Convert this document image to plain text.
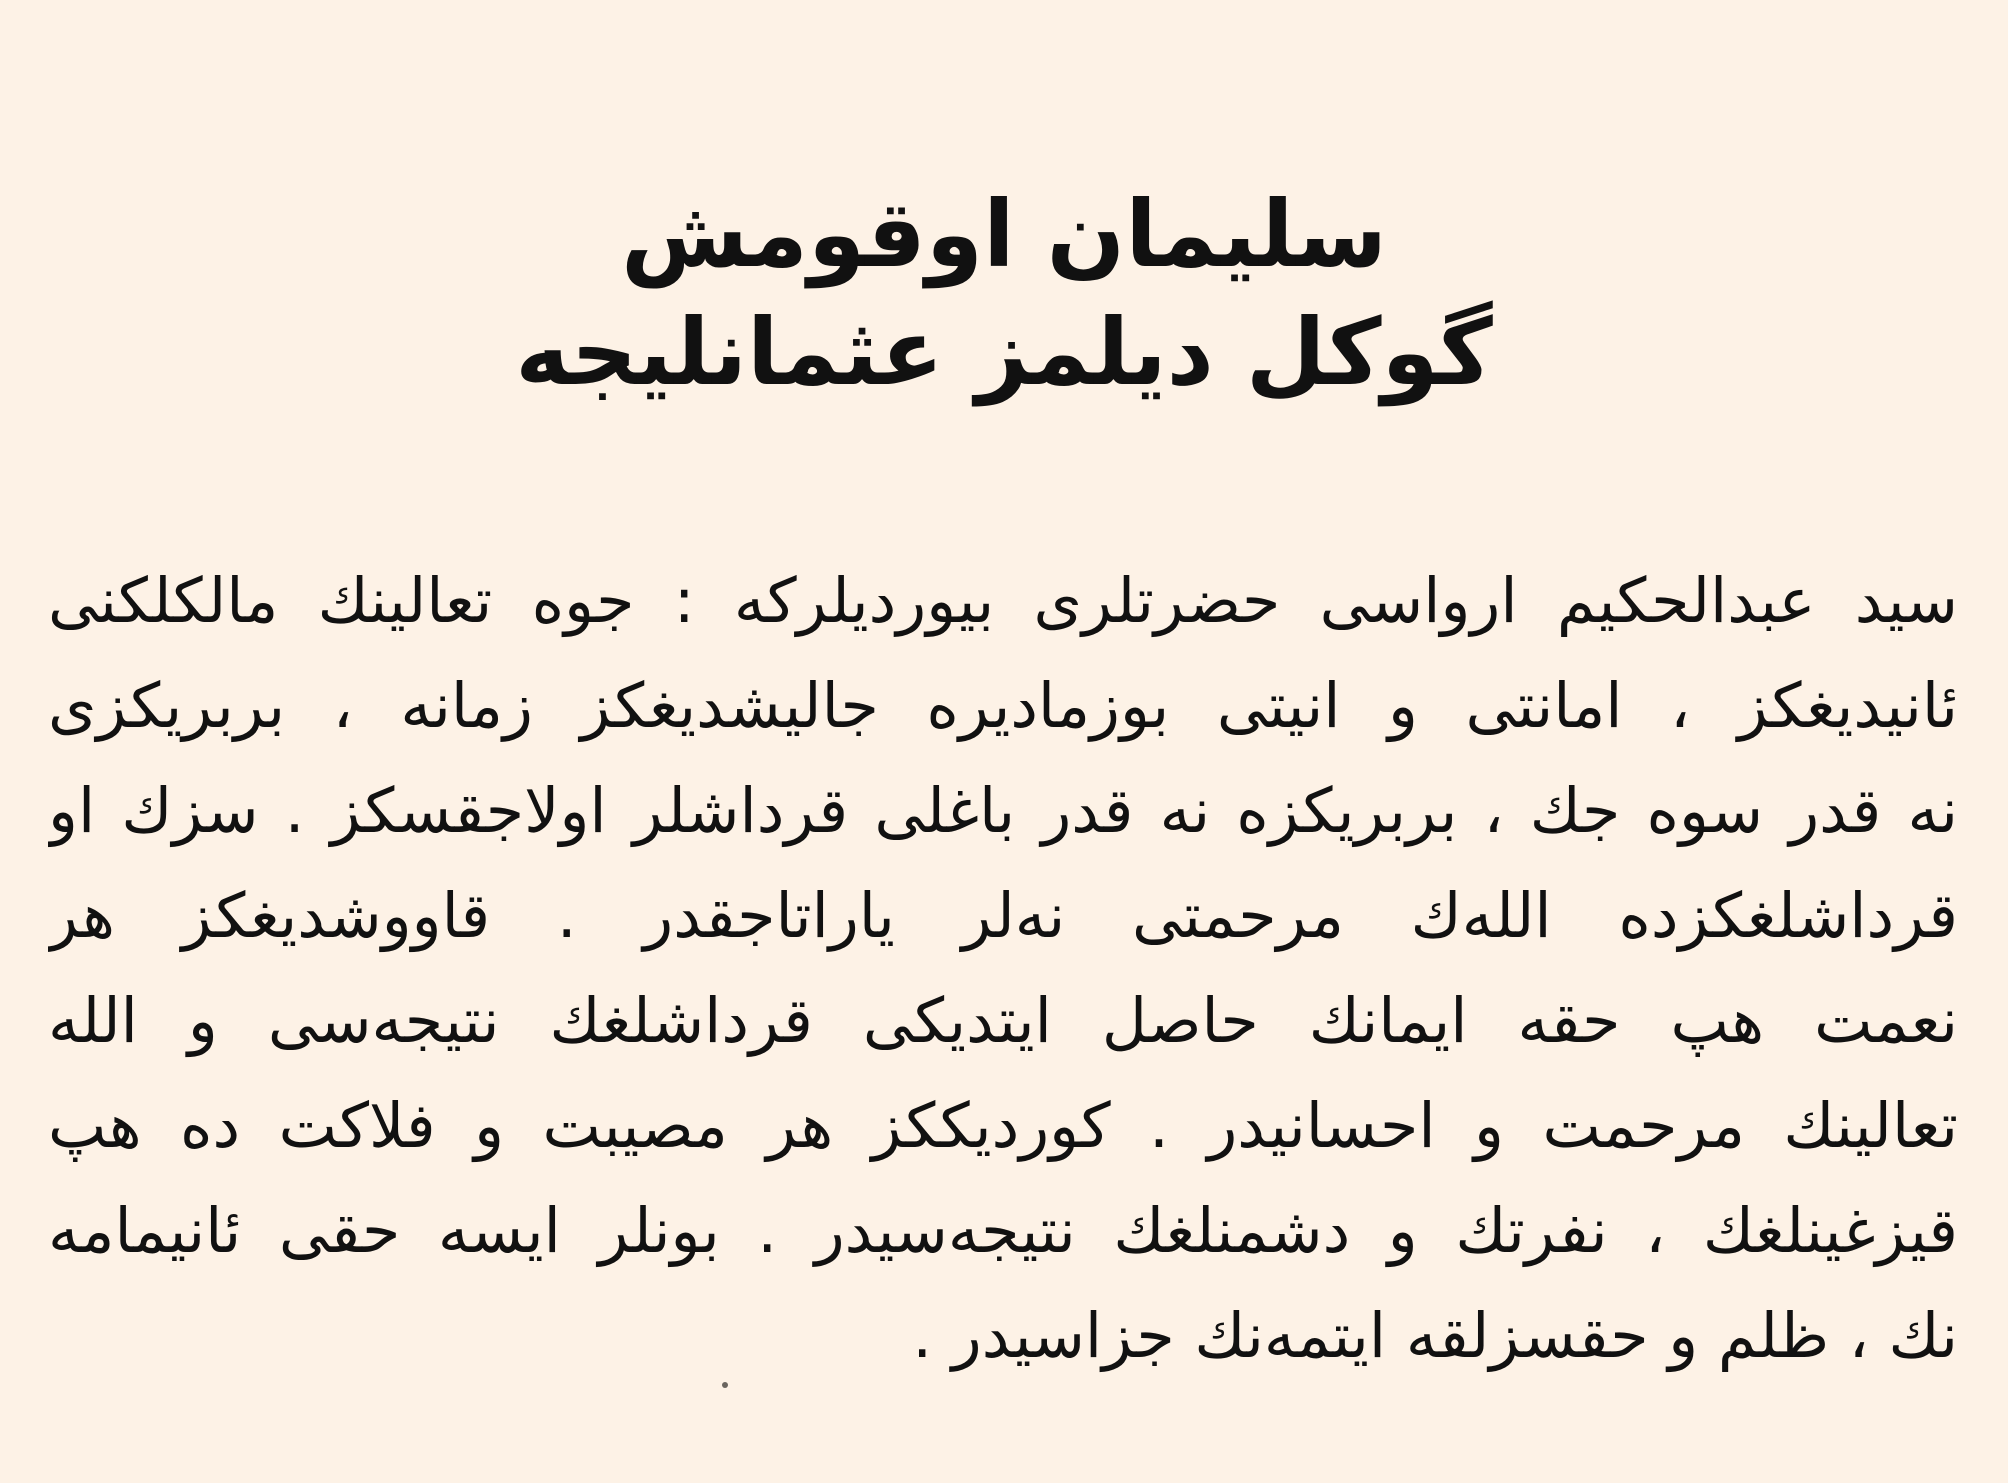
سلیمان اوقومش
گوکل دیلمز عثمانلیجه
سید عبدالحکیم ارواسی حضرتلری بیوردیلرکه : جوه تعالینك مالکلکنی
ئانیدیغکز ، امانتی و انیتی بوزمادیره جالیشدیغکز زمانه ، بربریکزی
نه قدر سوه جك ، بربریکزه نه قدر باغلی قرداشلر اولاجقسکز . سزك او
قرداشلغکزده الله‌ك مرحمتی نه‌لر یاراتاجقدر . قاووشدیغکز هر
نعمت هپ حقه ایمانك حاصل ایتدیکی قرداشلغك نتیجه‌سی و الله
تعالینك مرحمت و احسانیدر . کوردیککز هر مصیبت و فلاکت ده هپ
قیزغینلغك ، نفرتك و دشمنلغك نتیجه‌سیدر . بونلر ایسه حقی ئانیمامه
نك ، ظلم و حقسزلقه ایتمه‌نك جزاسیدر .
